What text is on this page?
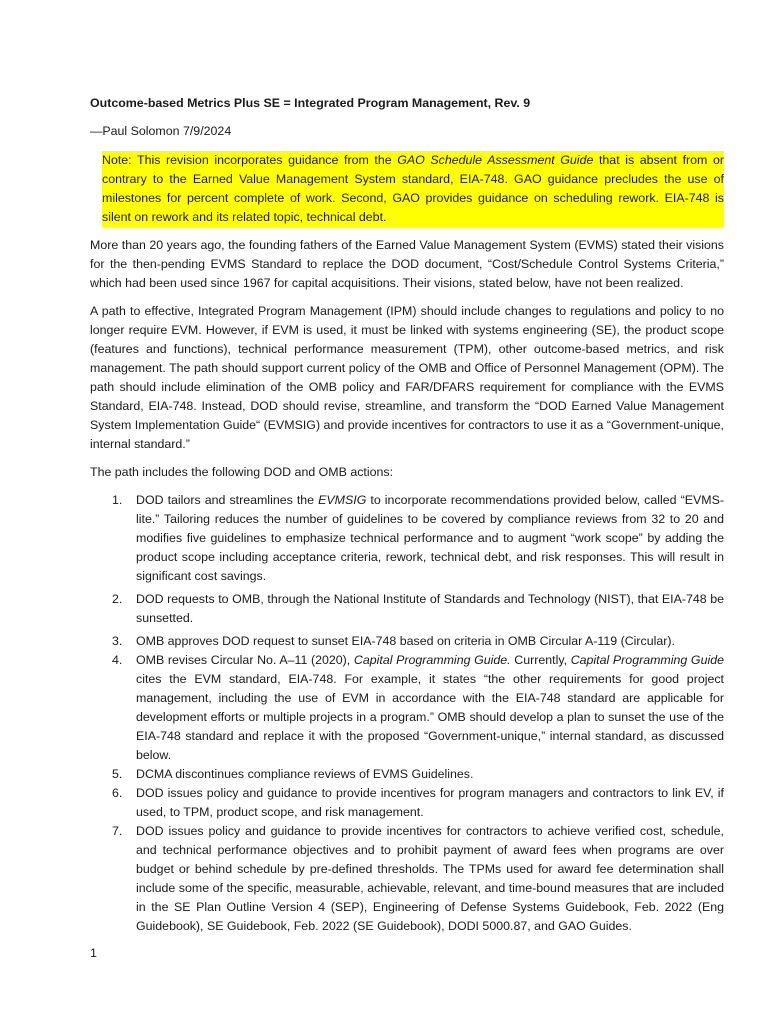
Outcome-based Metrics Plus SE = Integrated Program Management, Rev. 9

—Paul Solomon 7/9/2024

Note: This revision incorporates guidance from the GAO Schedule Assessment Guide that is absent from or contrary to the Earned Value Management System standard, EIA-748. GAO guidance precludes the use of milestones for percent complete of work. Second, GAO provides guidance on scheduling rework. EIA-748 is silent on rework and its related topic, technical debt.

More than 20 years ago, the founding fathers of the Earned Value Management System (EVMS) stated their visions for the then-pending EVMS Standard to replace the DOD document, “Cost/Schedule Control Systems Criteria,” which had been used since 1967 for capital acquisitions. Their visions, stated below, have not been realized.

A path to effective, Integrated Program Management (IPM) should include changes to regulations and policy to no longer require EVM. However, if EVM is used, it must be linked with systems engineering (SE), the product scope (features and functions), technical performance measurement (TPM), other outcome-based metrics, and risk management. The path should support current policy of the OMB and Office of Personnel Management (OPM). The path should include elimination of the OMB policy and FAR/DFARS requirement for compliance with the EVMS Standard, EIA-748. Instead, DOD should revise, streamline, and transform the “DOD Earned Value Management System Implementation Guide“ (EVMSIG) and provide incentives for contractors to use it as a “Government-unique, internal standard.”

The path includes the following DOD and OMB actions:

1. DOD tailors and streamlines the EVMSIG to incorporate recommendations provided below, called “EVMS-lite.” Tailoring reduces the number of guidelines to be covered by compliance reviews from 32 to 20 and modifies five guidelines to emphasize technical performance and to augment “work scope” by adding the product scope including acceptance criteria, rework, technical debt, and risk responses. This will result in significant cost savings.
2. DOD requests to OMB, through the National Institute of Standards and Technology (NIST), that EIA-748 be sunsetted.
3. OMB approves DOD request to sunset EIA-748 based on criteria in OMB Circular A-119 (Circular).
4. OMB revises Circular No. A–11 (2020), Capital Programming Guide. Currently, Capital Programming Guide cites the EVM standard, EIA-748. For example, it states “the other requirements for good project management, including the use of EVM in accordance with the EIA-748 standard are applicable for development efforts or multiple projects in a program.” OMB should develop a plan to sunset the use of the EIA-748 standard and replace it with the proposed “Government-unique,” internal standard, as discussed below.
5. DCMA discontinues compliance reviews of EVMS Guidelines.
6. DOD issues policy and guidance to provide incentives for program managers and contractors to link EV, if used, to TPM, product scope, and risk management.
7. DOD issues policy and guidance to provide incentives for contractors to achieve verified cost, schedule, and technical performance objectives and to prohibit payment of award fees when programs are over budget or behind schedule by pre-defined thresholds. The TPMs used for award fee determination shall include some of the specific, measurable, achievable, relevant, and time-bound measures that are included in the SE Plan Outline Version 4 (SEP), Engineering of Defense Systems Guidebook, Feb. 2022 (Eng Guidebook), SE Guidebook, Feb. 2022 (SE Guidebook), DODI 5000.87, and GAO Guides.
1
